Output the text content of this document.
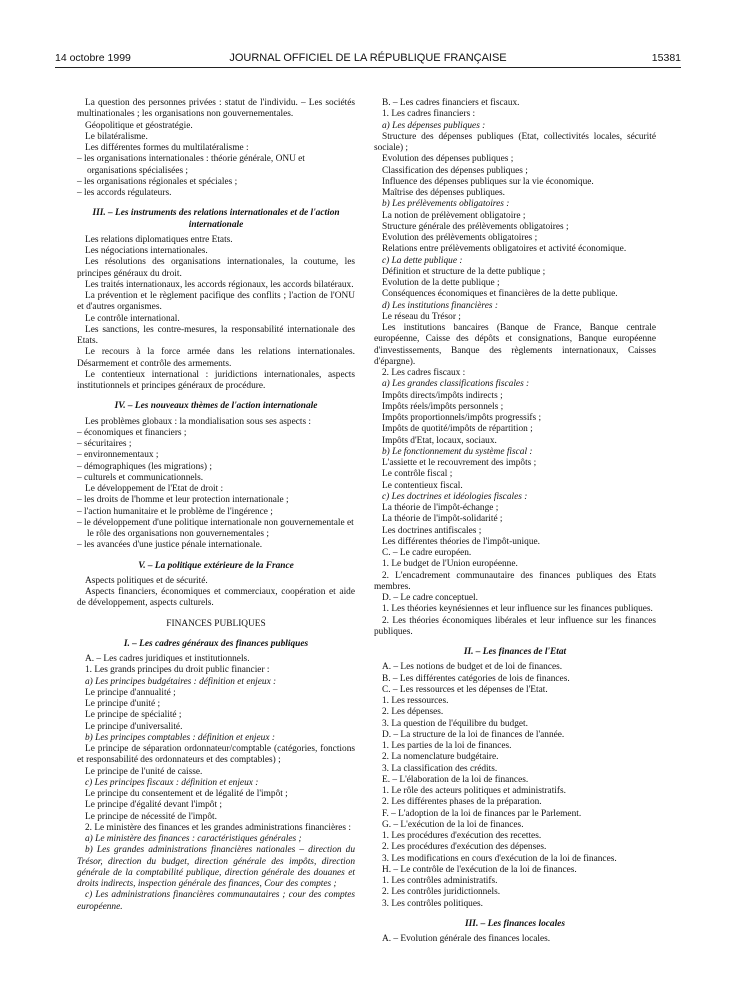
14 octobre 1999	JOURNAL OFFICIEL DE LA RÉPUBLIQUE FRANÇAISE	15381

La question des personnes privées : statut de l'individu. – Les sociétés multinationales ; les organisations non gouvernementales.

Géopolitique et géostratégie.

Le bilatéralisme.

Les différentes formes du multilatéralisme :

– les organisations internationales : théorie générale, ONU et organisations spécialisées ;

– les organisations régionales et spéciales ;

– les accords régulateurs.

III. – Les instruments des relations internationales et de l'action internationale

Les relations diplomatiques entre Etats.

Les négociations internationales.

Les résolutions des organisations internationales, la coutume, les principes généraux du droit.

Les traités internationaux, les accords régionaux, les accords bilatéraux.

La prévention et le règlement pacifique des conflits ; l'action de l'ONU et d'autres organismes.

Le contrôle international.

Les sanctions, les contre-mesures, la responsabilité internationale des Etats.

Le recours à la force armée dans les relations internationales. Désarmement et contrôle des armements.

Le contentieux international : juridictions internationales, aspects institutionnels et principes généraux de procédure.

IV. – Les nouveaux thèmes de l'action internationale

Les problèmes globaux : la mondialisation sous ses aspects :

– économiques et financiers ;

– sécuritaires ;

– environnementaux ;

– démographiques (les migrations) ;

– culturels et communicationnels.

Le développement de l'Etat de droit :

– les droits de l'homme et leur protection internationale ;

– l'action humanitaire et le problème de l'ingérence ;

– le développement d'une politique internationale non gouvernementale et le rôle des organisations non gouvernementales ;

– les avancées d'une justice pénale internationale.

V. – La politique extérieure de la France

Aspects politiques et de sécurité.

Aspects financiers, économiques et commerciaux, coopération et aide de développement, aspects culturels.

FINANCES PUBLIQUES

I. – Les cadres généraux des finances publiques

A. – Les cadres juridiques et institutionnels.

1. Les grands principes du droit public financier :

a) Les principes budgétaires : définition et enjeux :

Le principe d'annualité ;

Le principe d'unité ;

Le principe de spécialité ;

Le principe d'universalité.

b) Les principes comptables : définition et enjeux :

Le principe de séparation ordonnateur/comptable (catégories, fonctions et responsabilité des ordonnateurs et des comptables) ;

Le principe de l'unité de caisse.

c) Les principes fiscaux : définition et enjeux :

Le principe du consentement et de légalité de l'impôt ;

Le principe d'égalité devant l'impôt ;

Le principe de nécessité de l'impôt.

2. Le ministère des finances et les grandes administrations financières :

a) Le ministère des finances : caractéristiques générales ;

b) Les grandes administrations financières nationales – direction du Trésor, direction du budget, direction générale des impôts, direction générale de la comptabilité publique, direction générale des douanes et droits indirects, inspection générale des finances, Cour des comptes ;

c) Les administrations financières communautaires ; cour des comptes européenne.

B. – Les cadres financiers et fiscaux.

1. Les cadres financiers :

a) Les dépenses publiques :

Structure des dépenses publiques (Etat, collectivités locales, sécurité sociale) ;

Evolution des dépenses publiques ;

Classification des dépenses publiques ;

Influence des dépenses publiques sur la vie économique.

Maîtrise des dépenses publiques.

b) Les prélèvements obligatoires :

La notion de prélèvement obligatoire ;

Structure générale des prélèvements obligatoires ;

Evolution des prélèvements obligatoires ;

Relations entre prélèvements obligatoires et activité économique.

c) La dette publique :

Définition et structure de la dette publique ;

Evolution de la dette publique ;

Conséquences économiques et financières de la dette publique.

d) Les institutions financières :

Le réseau du Trésor ;

Les institutions bancaires (Banque de France, Banque centrale européenne, Caisse des dépôts et consignations, Banque européenne d'investissements, Banque des règlements internationaux, Caisses d'épargne).

2. Les cadres fiscaux :

a) Les grandes classifications fiscales :

Impôts directs/impôts indirects ;

Impôts réels/impôts personnels ;

Impôts proportionnels/impôts progressifs ;

Impôts de quotité/impôts de répartition ;

Impôts d'Etat, locaux, sociaux.

b) Le fonctionnement du système fiscal :

L'assiette et le recouvrement des impôts ;

Le contrôle fiscal ;

Le contentieux fiscal.

c) Les doctrines et idéologies fiscales :

La théorie de l'impôt-échange ;

La théorie de l'impôt-solidarité ;

Les doctrines antifiscales ;

Les différentes théories de l'impôt-unique.

C. – Le cadre européen.

1. Le budget de l'Union européenne.

2. L'encadrement communautaire des finances publiques des Etats membres.

D. – Le cadre conceptuel.

1. Les théories keynésiennes et leur influence sur les finances publiques.

2. Les théories économiques libérales et leur influence sur les finances publiques.

II. – Les finances de l'Etat

A. – Les notions de budget et de loi de finances.

B. – Les différentes catégories de lois de finances.

C. – Les ressources et les dépenses de l'Etat.

1. Les ressources.

2. Les dépenses.

3. La question de l'équilibre du budget.

D. – La structure de la loi de finances de l'année.

1. Les parties de la loi de finances.

2. La nomenclature budgétaire.

3. La classification des crédits.

E. – L'élaboration de la loi de finances.

1. Le rôle des acteurs politiques et administratifs.

2. Les différentes phases de la préparation.

F. – L'adoption de la loi de finances par le Parlement.

G. – L'exécution de la loi de finances.

1. Les procédures d'exécution des recettes.

2. Les procédures d'exécution des dépenses.

3. Les modifications en cours d'exécution de la loi de finances.

H. – Le contrôle de l'exécution de la loi de finances.

1. Les contrôles administratifs.

2. Les contrôles juridictionnels.

3. Les contrôles politiques.

III. – Les finances locales

A. – Evolution générale des finances locales.
